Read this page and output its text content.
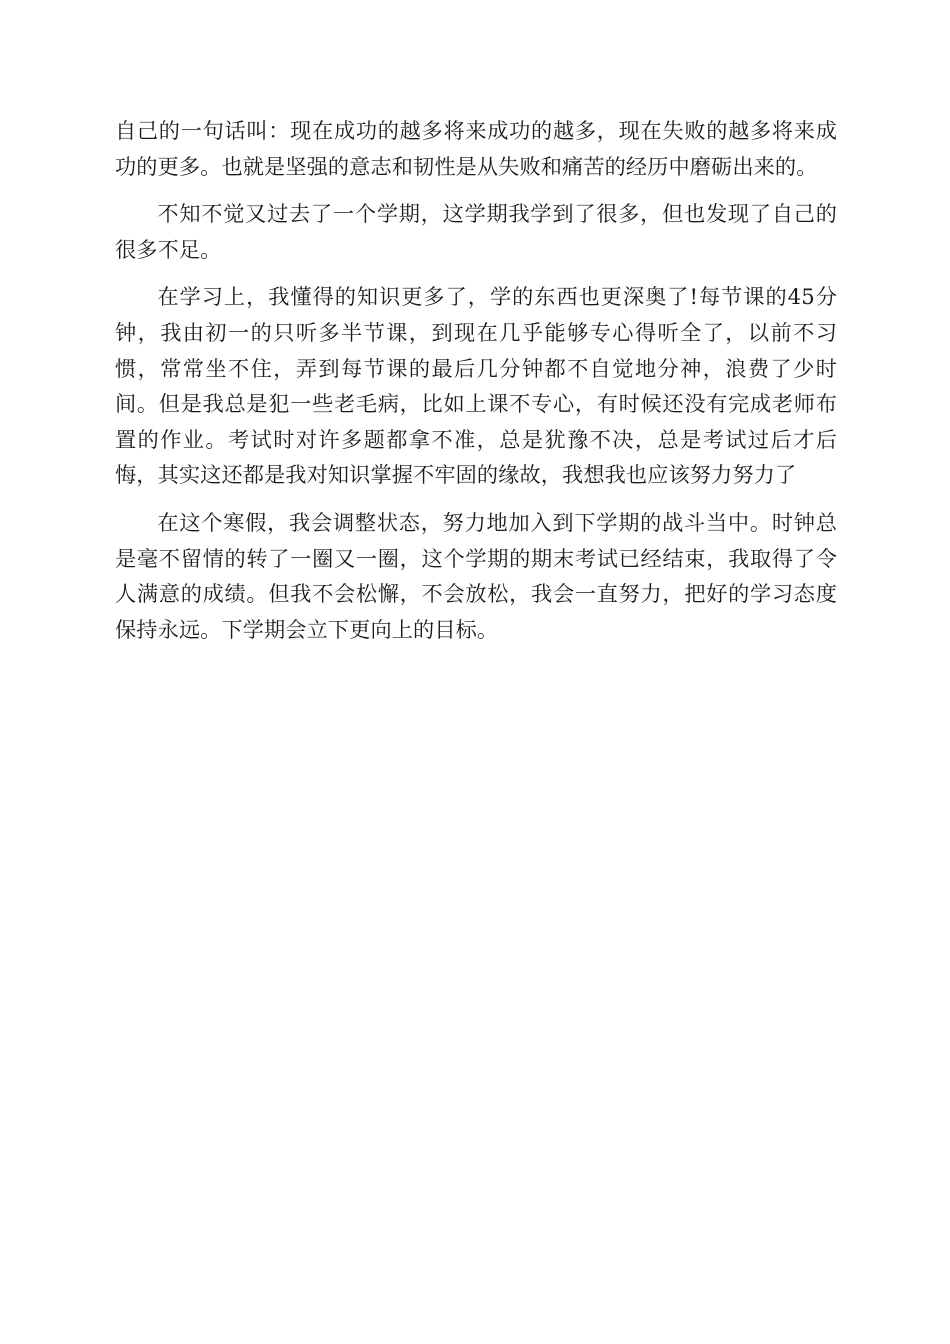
自己的一句话叫：现在成功的越多将来成功的越多，现在失败的越多将来成功的更多。也就是坚强的意志和韧性是从失败和痛苦的经历中磨砺出来的。

不知不觉又过去了一个学期，这学期我学到了很多，但也发现了自己的很多不足。

在学习上，我懂得的知识更多了，学的东西也更深奥了!每节课的45分钟，我由初一的只听多半节课，到现在几乎能够专心得听全了，以前不习惯，常常坐不住，弄到每节课的最后几分钟都不自觉地分神，浪费了少时间。但是我总是犯一些老毛病，比如上课不专心，有时候还没有完成老师布置的作业。考试时对许多题都拿不准，总是犹豫不决，总是考试过后才后悔，其实这还都是我对知识掌握不牢固的缘故，我想我也应该努力努力了

在这个寒假，我会调整状态，努力地加入到下学期的战斗当中。时钟总是毫不留情的转了一圈又一圈，这个学期的期末考试已经结束，我取得了令人满意的成绩。但我不会松懈，不会放松，我会一直努力，把好的学习态度保持永远。下学期会立下更向上的目标。
